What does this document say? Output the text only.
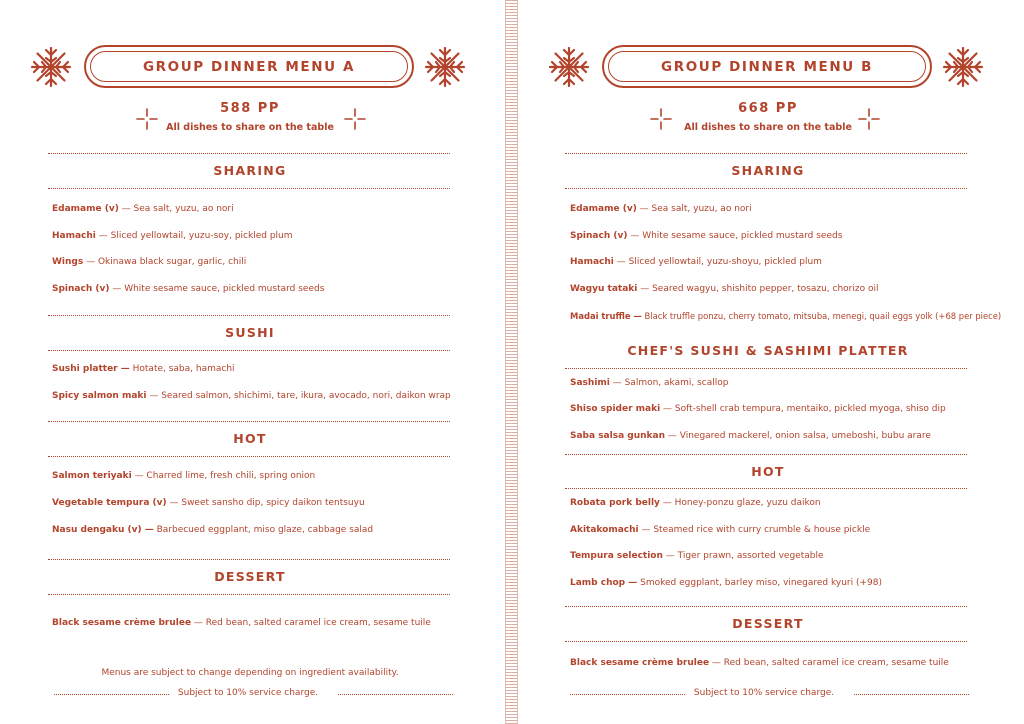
GROUP DINNER MENU A
588 PP
All dishes to share on the table
SHARING
Edamame (v) — Sea salt, yuzu, ao nori
Hamachi — Sliced yellowtail, yuzu-soy, pickled plum
Wings — Okinawa black sugar, garlic, chili
Spinach (v) — White sesame sauce, pickled mustard seeds
SUSHI
Sushi platter — Hotate, saba, hamachi
Spicy salmon maki — Seared salmon, shichimi, tare, ikura, avocado, nori, daikon wrap
HOT
Salmon teriyaki — Charred lime, fresh chili, spring onion
Vegetable tempura (v) — Sweet sansho dip, spicy daikon tentsuyu
Nasu dengaku (v) — Barbecued eggplant, miso glaze, cabbage salad
DESSERT
Black sesame crème brulee — Red bean, salted caramel ice cream, sesame tuile
Menus are subject to change depending on ingredient availability.
Subject to 10% service charge.
GROUP DINNER MENU B
668 PP
All dishes to share on the table
SHARING
Edamame (v) — Sea salt, yuzu, ao nori
Spinach (v) — White sesame sauce, pickled mustard seeds
Hamachi — Sliced yellowtail, yuzu-shoyu, pickled plum
Wagyu tataki — Seared wagyu, shishito pepper, tosazu, chorizo oil
Madai truffle — Black truffle ponzu, cherry tomato, mitsuba, menegi, quail eggs yolk (+68 per piece)
CHEF'S SUSHI & SASHIMI PLATTER
Sashimi — Salmon, akami, scallop
Shiso spider maki — Soft-shell crab tempura, mentaiko, pickled myoga, shiso dip
Saba salsa gunkan — Vinegared mackerel, onion salsa, umeboshi, bubu arare
HOT
Robata pork belly — Honey-ponzu glaze, yuzu daikon
Akitakomachi — Steamed rice with curry crumble & house pickle
Tempura selection — Tiger prawn, assorted vegetable
Lamb chop — Smoked eggplant, barley miso, vinegared kyuri (+98)
DESSERT
Black sesame crème brulee — Red bean, salted caramel ice cream, sesame tuile
Subject to 10% service charge.
